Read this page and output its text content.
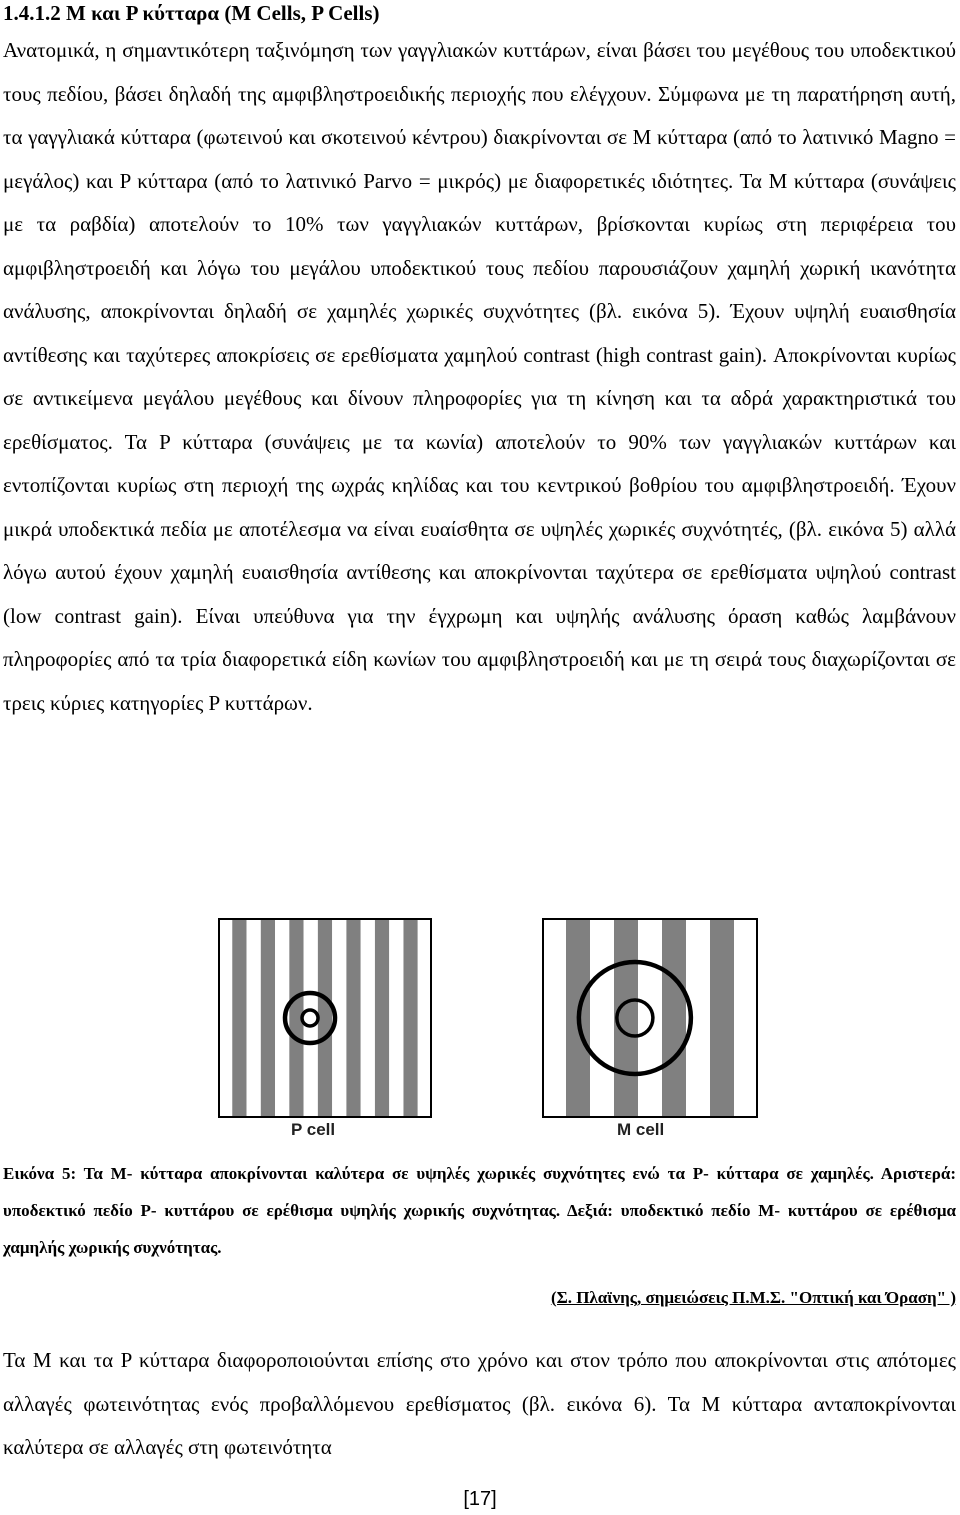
1.4.1.2 M και P κύτταρα (M Cells, P Cells)

Ανατομικά, η σημαντικότερη ταξινόμηση των γαγγλιακών κυττάρων, είναι βάσει του μεγέθους του υποδεκτικού τους πεδίου, βάσει δηλαδή της αμφιβληστροειδικής περιοχής που ελέγχουν. Σύμφωνα με τη παρατήρηση αυτή, τα γαγγλιακά κύτταρα (φωτεινού και σκοτεινού κέντρου) διακρίνονται σε M κύτταρα (από το λατινικό Magno = μεγάλος) και P κύτταρα (από το λατινικό Parvo = μικρός) με διαφορετικές ιδιότητες. Τα M κύτταρα (συνάψεις με τα ραβδία) αποτελούν το 10% των γαγγλιακών κυττάρων, βρίσκονται κυρίως στη περιφέρεια του αμφιβληστροειδή και λόγω του μεγάλου υποδεκτικού τους πεδίου παρουσιάζουν χαμηλή χωρική ικανότητα ανάλυσης, αποκρίνονται δηλαδή σε χαμηλές χωρικές συχνότητες (βλ. εικόνα 5). Έχουν υψηλή ευαισθησία αντίθεσης και ταχύτερες αποκρίσεις σε ερεθίσματα χαμηλού contrast (high contrast gain). Αποκρίνονται κυρίως σε αντικείμενα μεγάλου μεγέθους και δίνουν πληροφορίες για τη κίνηση και τα αδρά χαρακτηριστικά του ερεθίσματος. Τα P κύτταρα (συνάψεις με τα κωνία) αποτελούν το 90% των γαγγλιακών κυττάρων και εντοπίζονται κυρίως στη περιοχή της ωχράς κηλίδας και του κεντρικού βοθρίου του αμφιβληστροειδή. Έχουν μικρά υποδεκτικά πεδία με αποτέλεσμα να είναι ευαίσθητα σε υψηλές χωρικές συχνότητές, (βλ. εικόνα 5) αλλά λόγω αυτού έχουν χαμηλή ευαισθησία αντίθεσης και αποκρίνονται ταχύτερα σε ερεθίσματα υψηλού contrast (low contrast gain). Είναι υπεύθυνα για την έγχρωμη και υψηλής ανάλυσης όραση καθώς λαμβάνουν πληροφορίες από τα τρία διαφορετικά είδη κωνίων του αμφιβληστροειδή και με τη σειρά τους διαχωρίζονται σε τρεις κύριες κατηγορίες P κυττάρων.

P cell	M cell

Εικόνα 5: Τα M- κύτταρα αποκρίνονται καλύτερα σε υψηλές χωρικές συχνότητες ενώ τα P- κύτταρα σε χαμηλές. Αριστερά: υποδεκτικό πεδίο P- κυττάρου σε ερέθισμα υψηλής χωρικής συχνότητας. Δεξιά: υποδεκτικό πεδίο M- κυττάρου σε ερέθισμα χαμηλής χωρικής συχνότητας.

(Σ. Πλαϊνης, σημειώσεις Π.Μ.Σ. "Οπτική και Όραση" )

Τα M και τα P κύτταρα διαφοροποιούνται επίσης στο χρόνο και στον τρόπο που αποκρίνονται στις απότομες αλλαγές φωτεινότητας ενός προβαλλόμενου ερεθίσματος (βλ. εικόνα 6). Τα M κύτταρα ανταποκρίνονται καλύτερα σε αλλαγές στη φωτεινότητα

[17]
